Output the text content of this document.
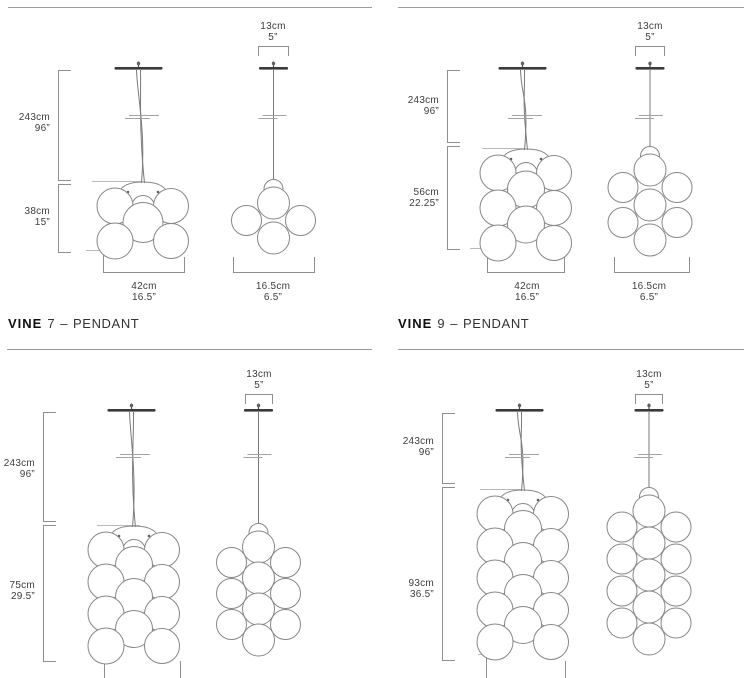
13cm
5”
243cm
96”
38cm
15”
42cm
16.5”
16.5cm
6.5”
VINE 7 – PENDANT
13cm
5”
243cm
96”
56cm
22.25”
42cm
16.5”
16.5cm
6.5”
VINE 9 – PENDANT
13cm
5”
243cm
96”
75cm
29.5”
13cm
5”
243cm
96”
93cm
36.5”
